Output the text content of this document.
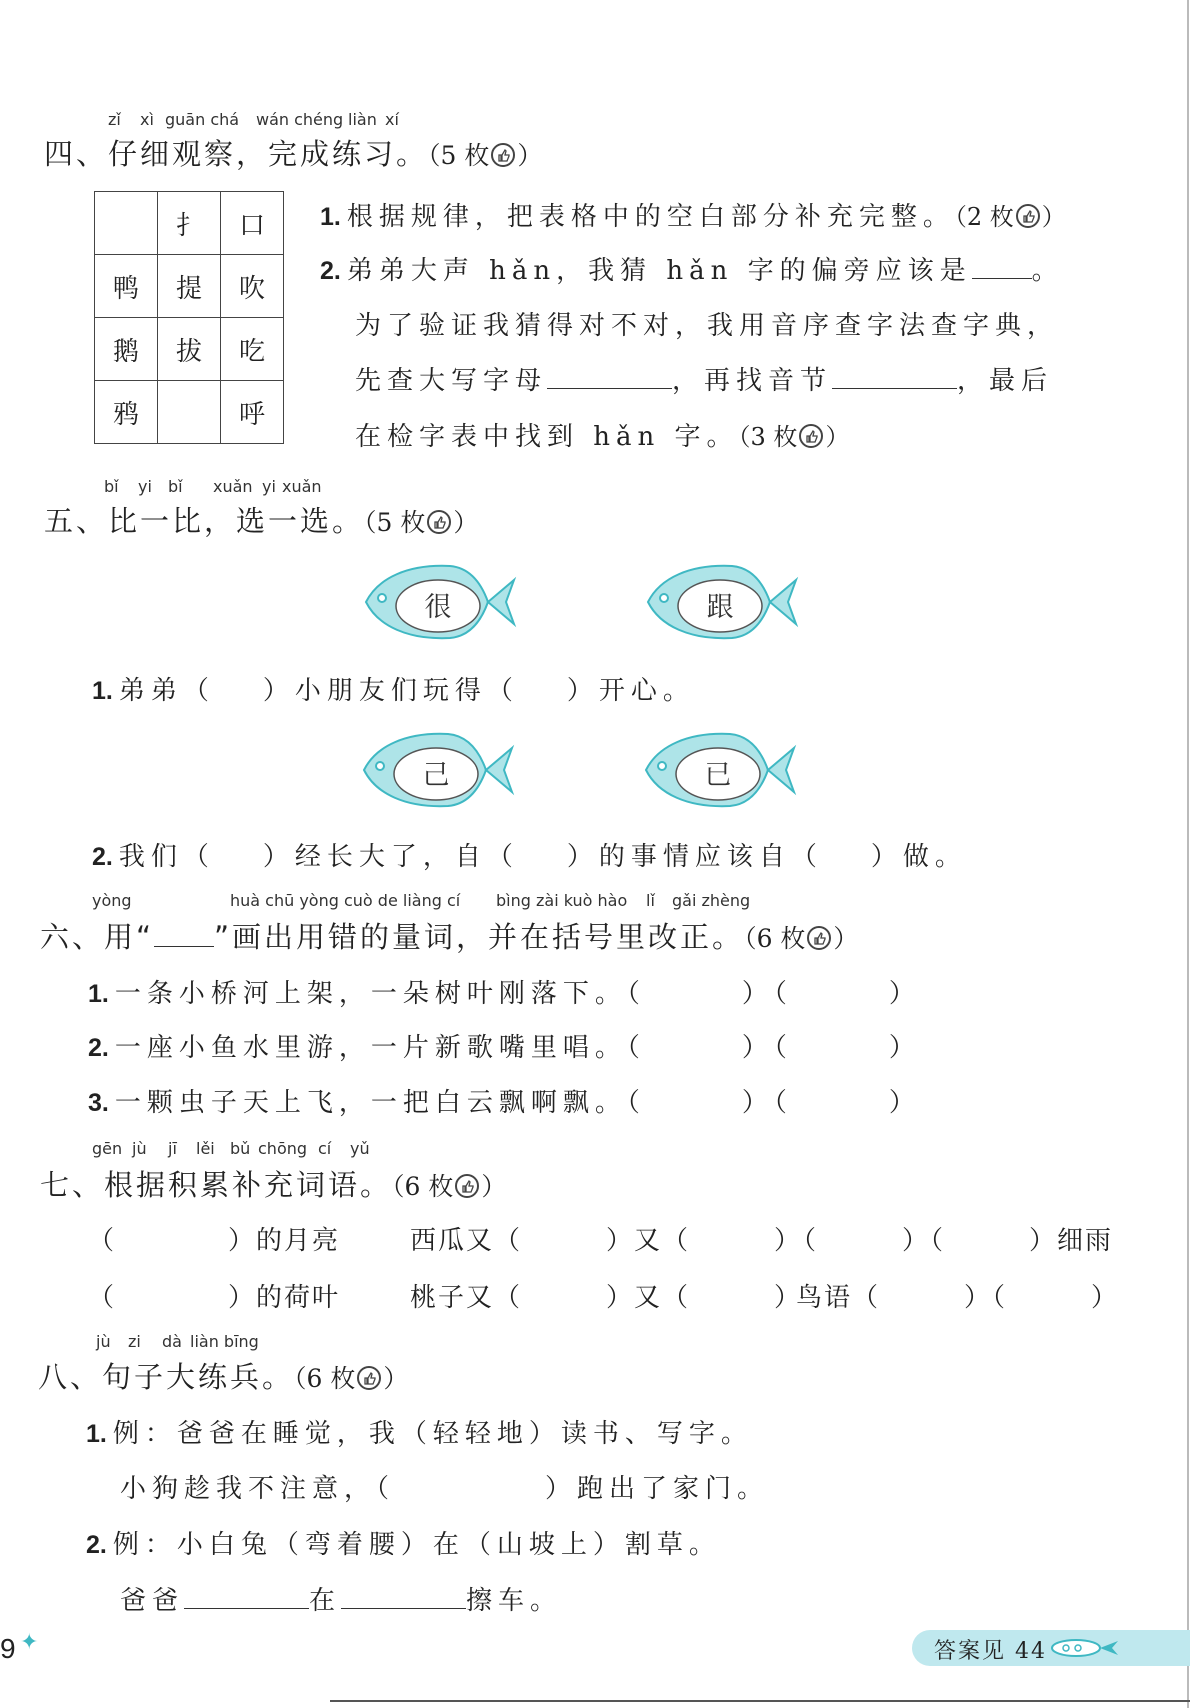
zǐ xì guān chá wán chéng liàn xí
四、仔细观察，完成练习。（5 枚 ）
	扌	口
鸭	提	吹
鹅	拔	吃
鸦		呼
1. 根据规律，把表格中的空白部分补充完整。（2 枚 ）
2. 弟弟大声 hǎn，我猜 hǎn 字的偏旁应该是 。
为了验证我猜得对不对，我用音序查字法查字典，
先查大写字母	，再找音节	，最后
在检字表中找到 hǎn 字。（3 枚 ）
bǐ yi bǐ xuǎn yi xuǎn
五、比一比，选一选。（5 枚 ）
很	跟
1. 弟弟（ ）小朋友们玩得（ ）开心。
己	已
2. 我们（ ）经长大了，自（ ）的事情应该自（ ）做。
yòng	huà chū yòng cuò de liàng cí bìng zài kuò hào lǐ gǎi zhèng
六、用“ ”画出用错的量词，并在括号里改正。（6 枚 ）
1. 一条小桥河上架，一朵树叶刚落下。（　　　）（　　　）
2. 一座小鱼水里游，一片新歌嘴里唱。（　　　）（　　　）
3. 一颗虫子天上飞，一把白云飘啊飘。（　　　）（　　　）
gēn jù jī lěi bǔ chōng cí yǔ
七、根据积累补充词语。（6 枚 ）
（　　　　）的月亮	西瓜又（　　　）又（　　　）
（　　　）（　　　）细雨
（　　　　）的荷叶	桃子又（　　　）又（　　　）
鸟语（　　　）（　　　）
jù zi dà liàn bīng
八、句子大练兵。（6 枚 ）
1. 例：爸爸在睡觉，我（轻轻地）读书、写字。
小狗趁我不注意，（	）跑出了家门。
2. 例：小白兔（弯着腰）在（山坡上）割草。
爸爸	在	擦车。
9 ✦	答案见 44
